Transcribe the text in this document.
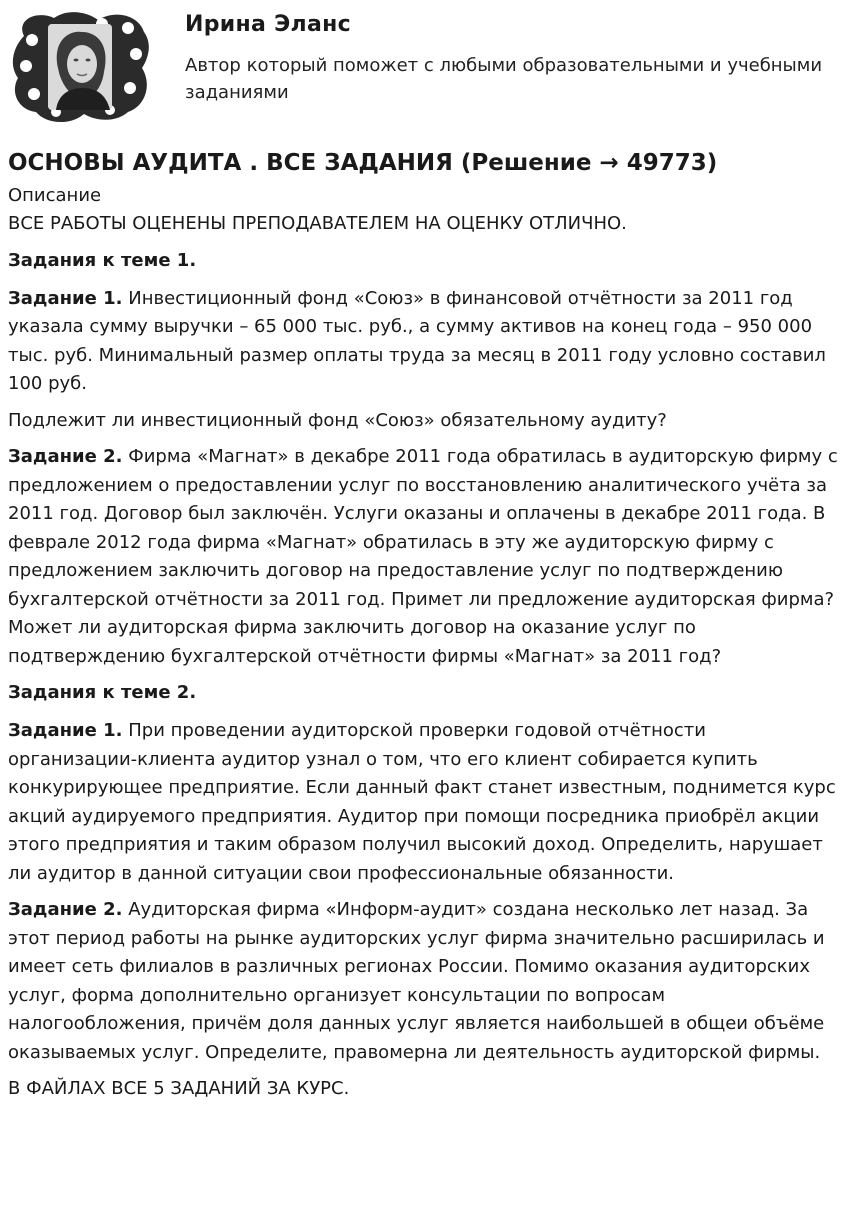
Ирина Эланс
Автор который поможет с любыми образовательными и учебными заданиями
ОСНОВЫ АУДИТА . ВСЕ ЗАДАНИЯ (Решение → 49773)
Описание

ВСЕ РАБОТЫ ОЦЕНЕНЫ ПРЕПОДАВАТЕЛЕМ НА ОЦЕНКУ ОТЛИЧНО.

Задания к теме 1.

Задание 1. Инвестиционный фонд «Союз» в финансовой отчётности за 2011 год указала сумму выручки – 65 000 тыс. руб., а сумму активов на конец года – 950 000 тыс. руб. Минимальный размер оплаты труда за месяц в 2011 году условно составил 100 руб.

Подлежит ли инвестиционный фонд «Союз» обязательному аудиту?

Задание 2. Фирма «Магнат» в декабре 2011 года обратилась в аудиторскую фирму с предложением о предоставлении услуг по восстановлению аналитического учёта за 2011 год. Договор был заключён. Услуги оказаны и оплачены в декабре 2011 года. В феврале 2012 года фирма «Магнат» обратилась в эту же аудиторскую фирму с предложением заключить договор на предоставление услуг по подтверждению бухгалтерской отчётности за 2011 год. Примет ли предложение аудиторская фирма? Может ли аудиторская фирма заключить договор на оказание услуг по подтверждению бухгалтерской отчётности фирмы «Магнат» за 2011 год?

Задания к теме 2.

Задание 1. При проведении аудиторской проверки годовой отчётности организации-клиента аудитор узнал о том, что его клиент собирается купить конкурирующее предприятие. Если данный факт станет известным, поднимется курс акций аудируемого предприятия. Аудитор при помощи посредника приобрёл акции этого предприятия и таким образом получил высокий доход. Определить, нарушает ли аудитор в данной ситуации свои профессиональные обязанности.

Задание 2. Аудиторская фирма «Информ-аудит» создана несколько лет назад. За этот период работы на рынке аудиторских услуг фирма значительно расширилась и имеет сеть филиалов в различных регионах России. Помимо оказания аудиторских услуг, форма дополнительно организует консультации по вопросам налогообложения, причём доля данных услуг является наибольшей в общеи объёме оказываемых услуг. Определите, правомерна ли деятельность аудиторской фирмы.

В ФАЙЛАХ ВСЕ 5 ЗАДАНИЙ ЗА КУРС.
